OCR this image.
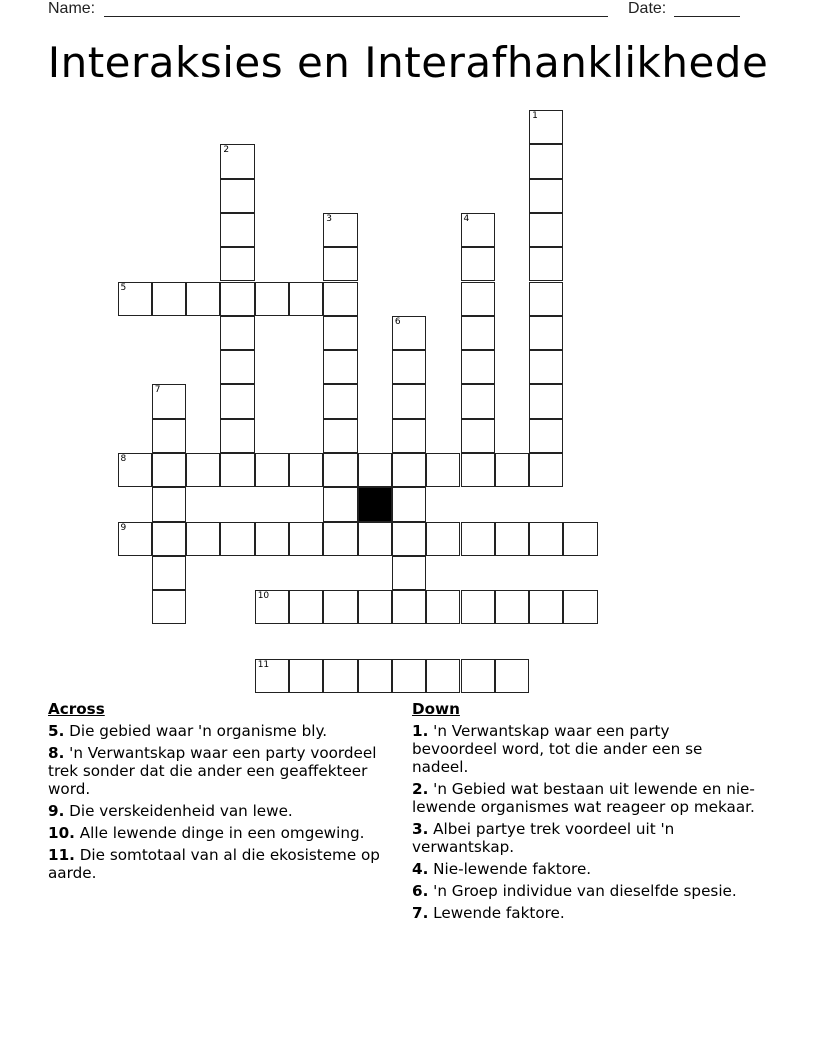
Name:	Date:
Interaksies en Interafhanklikhede
1
2
3	4
5
6
7
8
9
10
11
Across
5. Die gebied waar 'n organisme bly.
8. 'n Verwantskap waar een party voordeel trek sonder dat die ander een geaffekteer word.
9. Die verskeidenheid van lewe.
10. Alle lewende dinge in een omgewing.
11. Die somtotaal van al die ekosisteme op aarde.
Down
1. 'n Verwantskap waar een party bevoordeel word, tot die ander een se nadeel.
2. 'n Gebied wat bestaan uit lewende en nie-lewende organismes wat reageer op mekaar.
3. Albei partye trek voordeel uit 'n verwantskap.
4. Nie-lewende faktore.
6. 'n Groep individue van dieselfde spesie.
7. Lewende faktore.
